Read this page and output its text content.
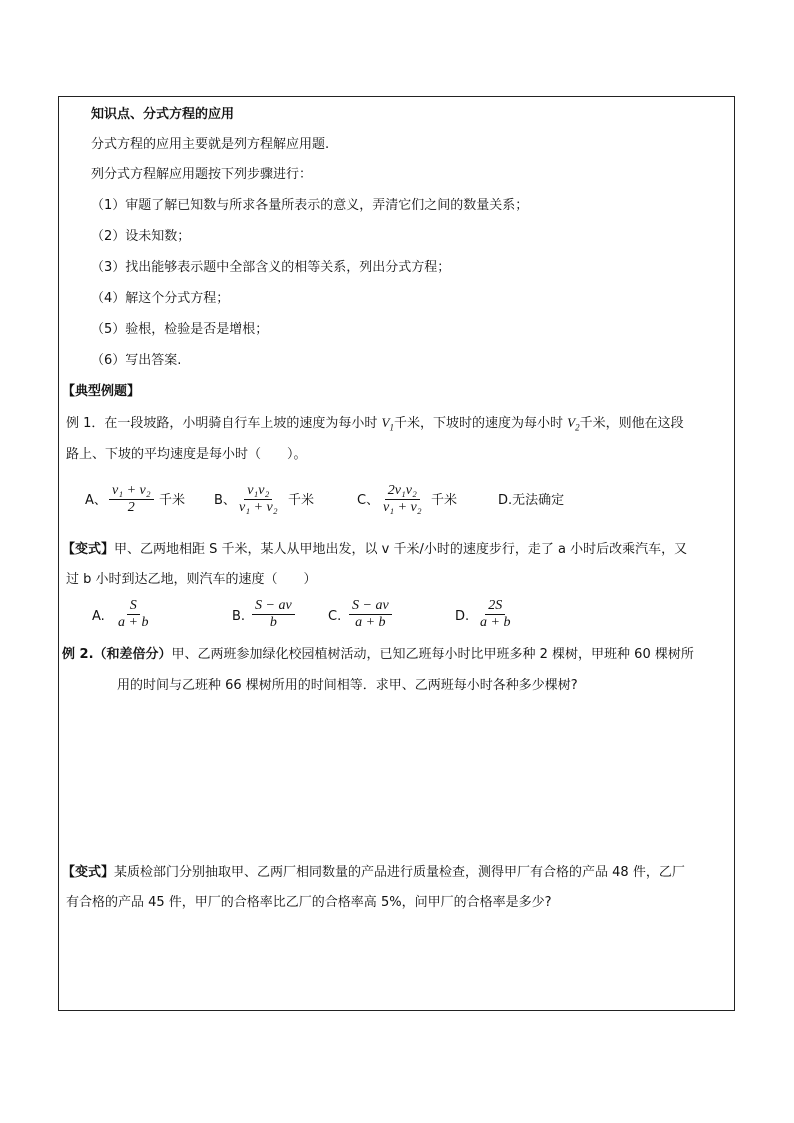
知识点、分式方程的应用
分式方程的应用主要就是列方程解应用题.
列分式方程解应用题按下列步骤进行：
（1）审题了解已知数与所求各量所表示的意义，弄清它们之间的数量关系；
（2）设未知数；
（3）找出能够表示题中全部含义的相等关系，列出分式方程；
（4）解这个分式方程；
（5）验根，检验是否是增根；
（6）写出答案.
【典型例题】
例 1．在一段坡路，小明骑自行车上坡的速度为每小时 $V_1$千米，下坡时的速度为每小时 $V_2$千米，则他在这段
路上、下坡的平均速度是每小时（　　）。
A、 $\frac{\text{v₁ + v₂}}{2}$ 千米 B、 $\frac{\text{v₁v₂}}{\text{v₁ + v₂}}$ 千米	C、 $\frac{\text{2v₁v₂}}{\text{v₁ + v₂}}$ 千米	D.无法确定
【变式】甲、乙两地相距 S 千米，某人从甲地出发，以 v 千米/小时的速度步行，走了 a 小时后改乘汽车，又
过 b 小时到达乙地，则汽车的速度（　　）
A. $\frac{S}{a + b}$	B. $\frac{S - av}{b}$	C. $\frac{S - av}{a + b}$	D. $\frac{2S}{a + b}$
例 2.（和差倍分）甲、乙两班参加绿化校园植树活动，已知乙班每小时比甲班多种 2 棵树，甲班种 60 棵树所
用的时间与乙班种 66 棵树所用的时间相等．求甲、乙两班每小时各种多少棵树?
【变式】某质检部门分别抽取甲、乙两厂相同数量的产品进行质量检查，测得甲厂有合格的产品 48 件，乙厂
有合格的产品 45 件，甲厂的合格率比乙厂的合格率高 5%，问甲厂的合格率是多少?
